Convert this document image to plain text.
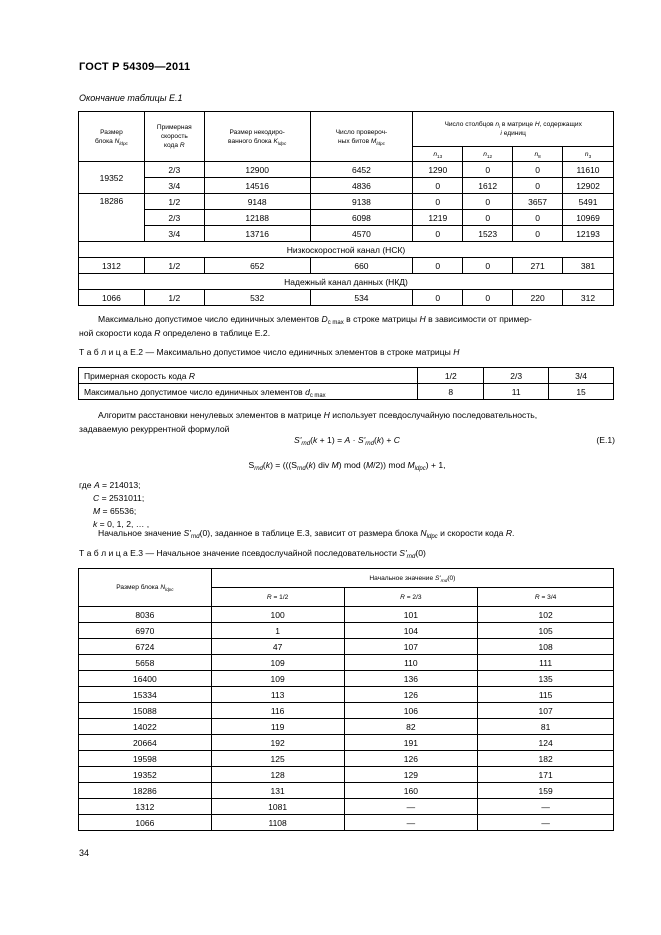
ГОСТ Р 54309—2011
Окончание таблицы Е.1
Размер
блока $N_{ldpc}$	Примерная
скорость
кода R	Размер некодиро-
ванного блока $K_{ldpc}$	Число провероч-
ных битов $M_{ldpc}$	Число столбцов $n_i$ в матрице H, содержащих
i единиц			
				$n_{13}$	$n_{12}$	$n_8$	$n_3$
19352	2/3	12900	6452	1290	0	0	11610
	3/4	14516	4836	0	1612	0	12902
18286	1/2	9148	9138	0	0	3657	5491
	2/3	12188	6098	1219	0	0	10969
	3/4	13716	4570	0	1523	0	12193
Низкоскоростной канал (НСК)							
1312	1/2	652	660	0	0	271	381
Надежный канал данных (НКД)							
1066	1/2	532	534	0	0	220	312
Максимально допустимое число единичных элементов $D_{c max}$ в строке матрицы H в зависимости от пример-
ной скорости кода R определено в таблице Е.2.
Т а б л и ц а Е.2 — Максимально допустимое число единичных элементов в строке матрицы H
Примерная скорость кода R	1/2	2/3	3/4
Максимально допустимое число единичных элементов $d_{c max}$	8	11	15
Алгоритм расстановки ненулевых элементов в матрице H использует псевдослучайную последовательность,
задаваемую рекуррентной формулой
$S'_{rnd}(k + 1) = A \cdot S'_{rnd}(k) + C$	(Е.1)
$S_{rnd}(k) = (((S_{rnd}(k)$ div M) mod (M/2)) mod $M_{ldpc}) + 1$,
где A = 214013;
C = 2531011;
M = 65536;
k = 0, 1, 2, … ,
Начальное значение $S'_{rnd}(0)$, заданное в таблице Е.3, зависит от размера блока $N_{ldpc}$ и скорости кода R.
Т а б л и ц а Е.3 — Начальное значение псевдослучайной последовательности $S'_{rnd}(0)$
Размер блока $N_{ldpc}$	Начальное значение $S'_{rnd}(0)$		
	R = 1/2	R = 2/3	R = 3/4
8036	100	101	102
6970	1	104	105
6724	47	107	108
5658	109	110	111
16400	109	136	135
15334	113	126	115
15088	116	106	107
14022	119	82	81
20664	192	191	124
19598	125	126	182
19352	128	129	171
18286	131	160	159
1312	1081	—	—
1066	1108	—	—
34
